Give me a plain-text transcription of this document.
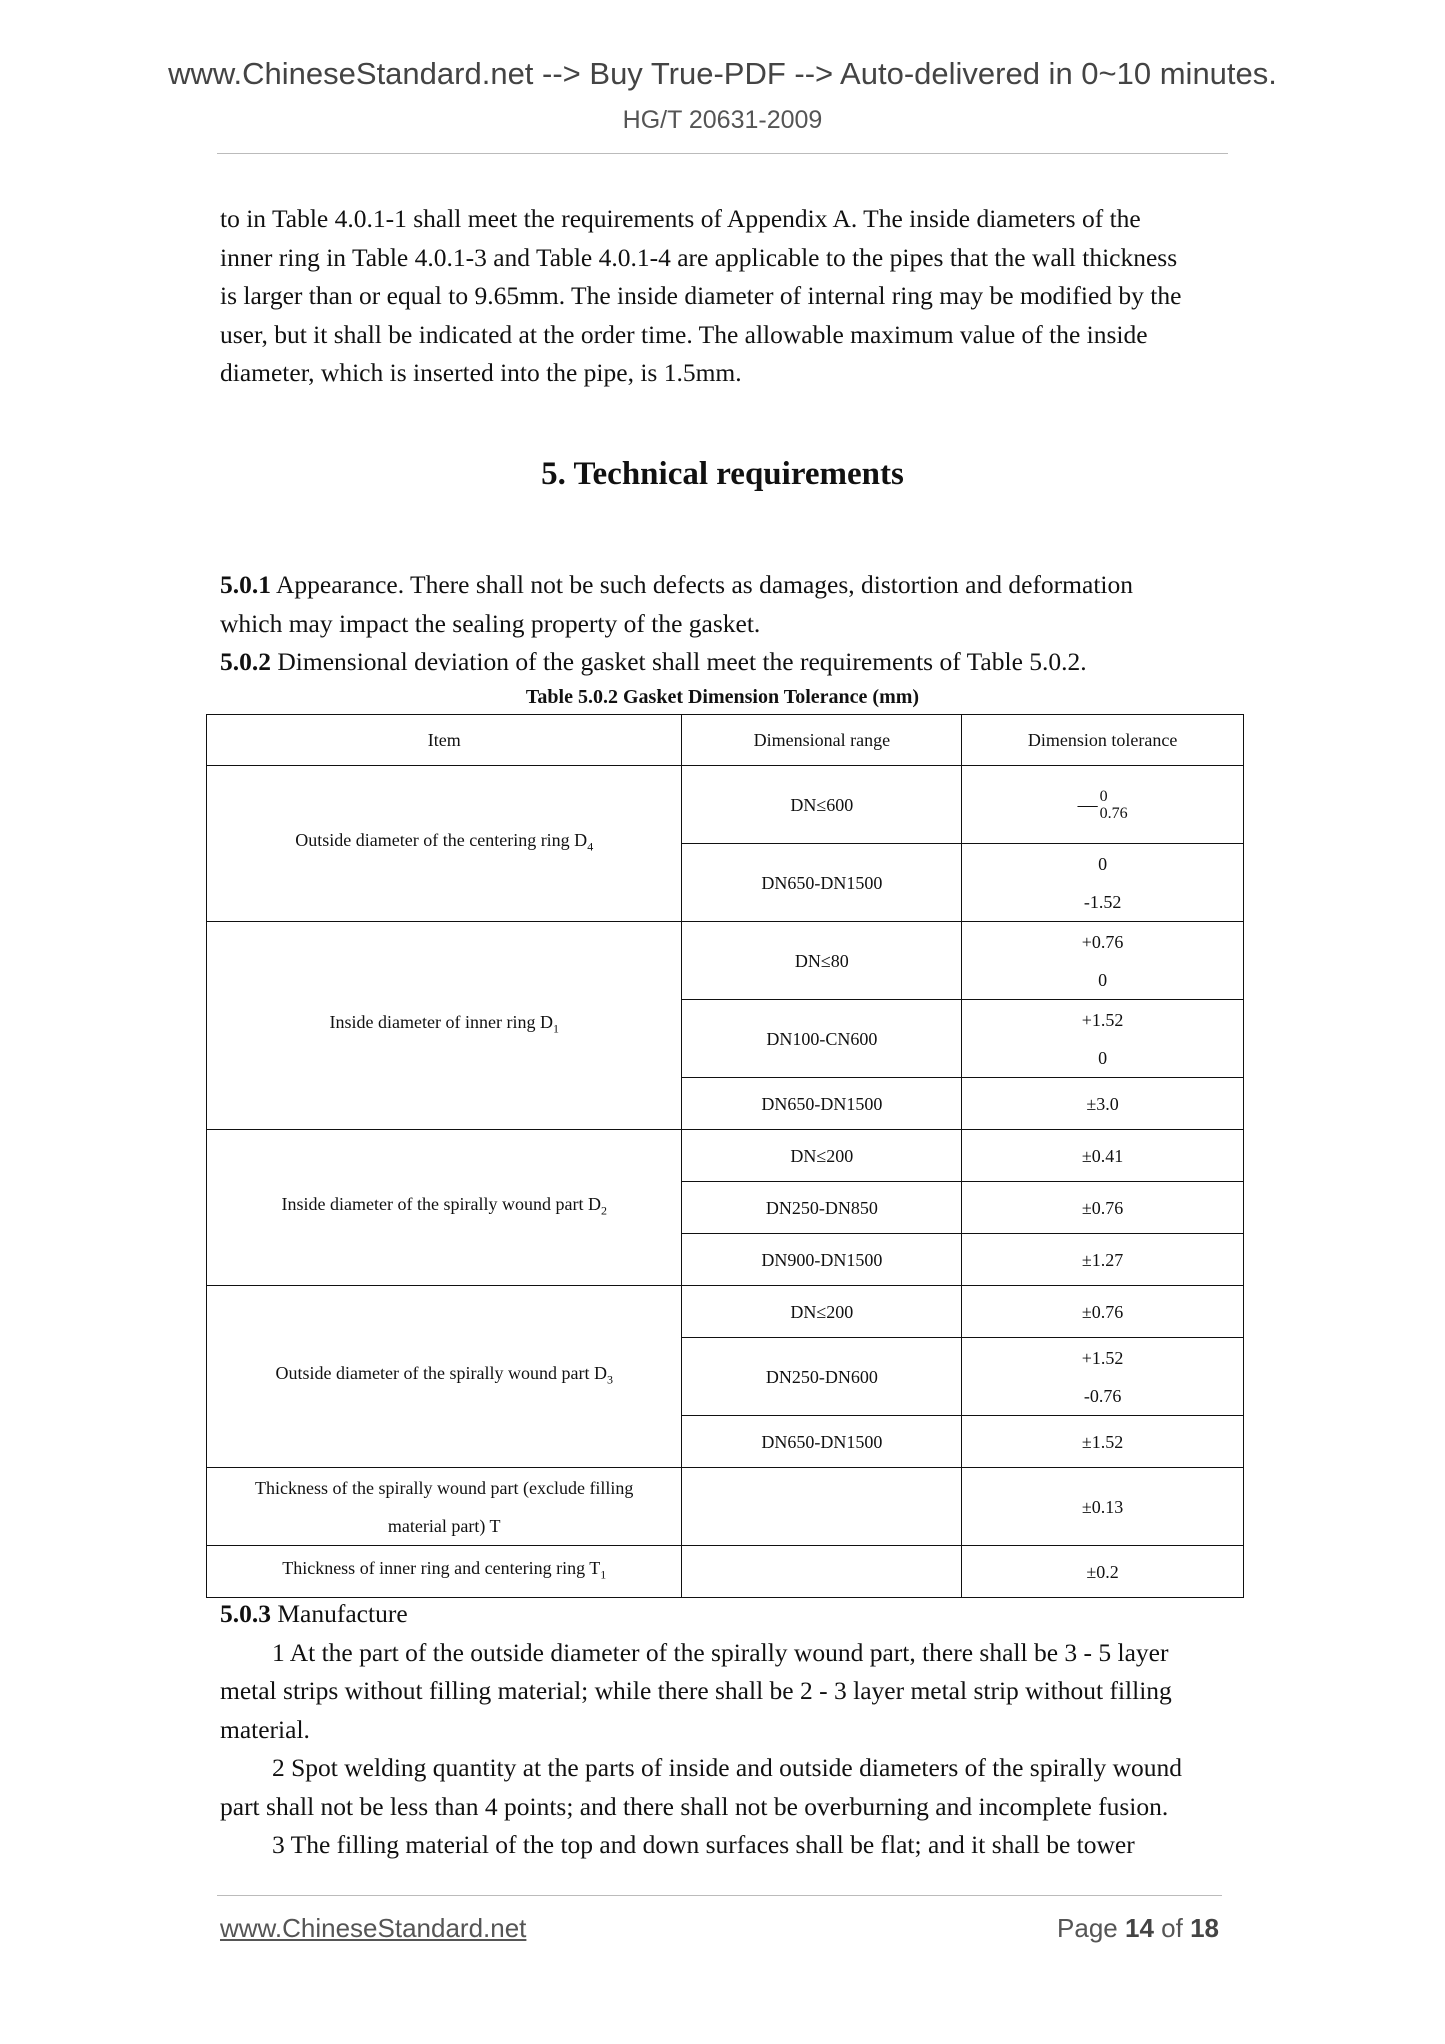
www.ChineseStandard.net --> Buy True-PDF --> Auto-delivered in 0~10 minutes.
HG/T 20631-2009
to in Table 4.0.1-1 shall meet the requirements of Appendix A. The inside diameters of the
inner ring in Table 4.0.1-3 and Table 4.0.1-4 are applicable to the pipes that the wall thickness
is larger than or equal to 9.65mm. The inside diameter of internal ring may be modified by the
user, but it shall be indicated at the order time. The allowable maximum value of the inside
diameter, which is inserted into the pipe, is 1.5mm.
5. Technical requirements
5.0.1 Appearance. There shall not be such defects as damages, distortion and deformation
which may impact the sealing property of the gasket.
5.0.2 Dimensional deviation of the gasket shall meet the requirements of Table 5.0.2.
Table 5.0.2 Gasket Dimension Tolerance (mm)
Item	Dimensional range	Dimension tolerance
Outside diameter of the centering ring $D_4$	DN≤600	— 0
0.76

	DN650-DN1500	0
-1.52

Inside diameter of inner ring $D_1$	DN≤80	+0.76
0

	DN100-CN600	+1.52
0

	DN650-DN1500	±3.0
Inside diameter of the spirally wound part $D_2$	DN≤200	±0.41
	DN250-DN850	±0.76
	DN900-DN1500	±1.27
Outside diameter of the spirally wound part $D_3$	DN≤200	±0.76
	DN250-DN600	+1.52
-0.76

	DN650-DN1500	±1.52

Thickness of the spirally wound part (exclude filling
material part) T		±0.13
Thickness of inner ring and centering ring $T_1$		±0.2
5.0.3 Manufacture
1 At the part of the outside diameter of the spirally wound part, there shall be 3 - 5 layer
metal strips without filling material; while there shall be 2 - 3 layer metal strip without filling
material.
2 Spot welding quantity at the parts of inside and outside diameters of the spirally wound
part shall not be less than 4 points; and there shall not be overburning and incomplete fusion.
3 The filling material of the top and down surfaces shall be flat; and it shall be tower
www.ChineseStandard.net	Page 14 of 18
